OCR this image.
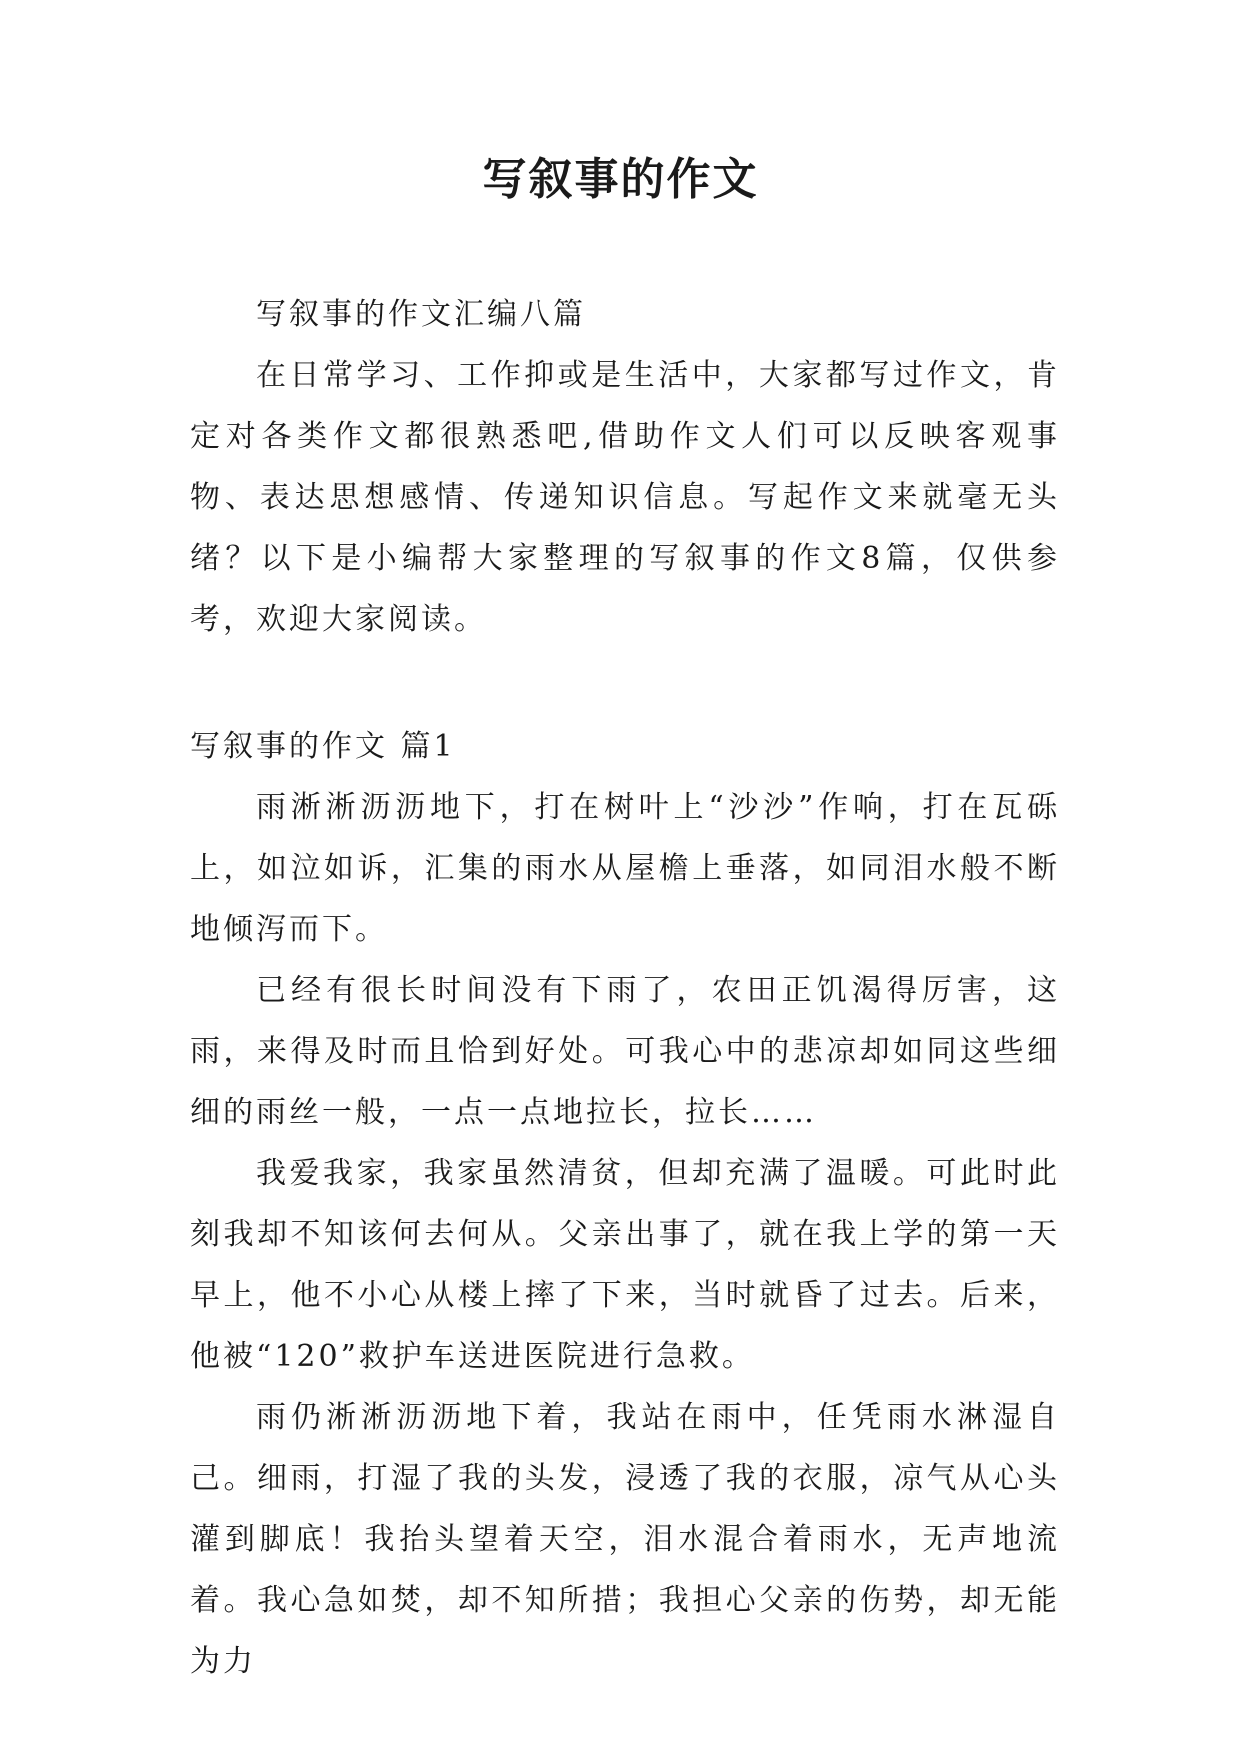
写叙事的作文

写叙事的作文汇编八篇

在日常学习、工作抑或是生活中，大家都写过作文，肯定对各类作文都很熟悉吧,借助作文人们可以反映客观事物、表达思想感情、传递知识信息。写起作文来就毫无头绪？以下是小编帮大家整理的写叙事的作文8篇，仅供参考，欢迎大家阅读。

写叙事的作文 篇1

雨淅淅沥沥地下，打在树叶上“沙沙”作响，打在瓦砾上，如泣如诉，汇集的雨水从屋檐上垂落，如同泪水般不断地倾泻而下。

已经有很长时间没有下雨了，农田正饥渴得厉害，这雨，来得及时而且恰到好处。可我心中的悲凉却如同这些细细的雨丝一般，一点一点地拉长，拉长……

我爱我家，我家虽然清贫，但却充满了温暖。可此时此刻我却不知该何去何从。父亲出事了，就在我上学的第一天早上，他不小心从楼上摔了下来，当时就昏了过去。后来，他被“120”救护车送进医院进行急救。

雨仍淅淅沥沥地下着，我站在雨中，任凭雨水淋湿自己。细雨，打湿了我的头发，浸透了我的衣服，凉气从心头灌到脚底！我抬头望着天空，泪水混合着雨水，无声地流着。我心急如焚，却不知所措；我担心父亲的伤势，却无能为力
